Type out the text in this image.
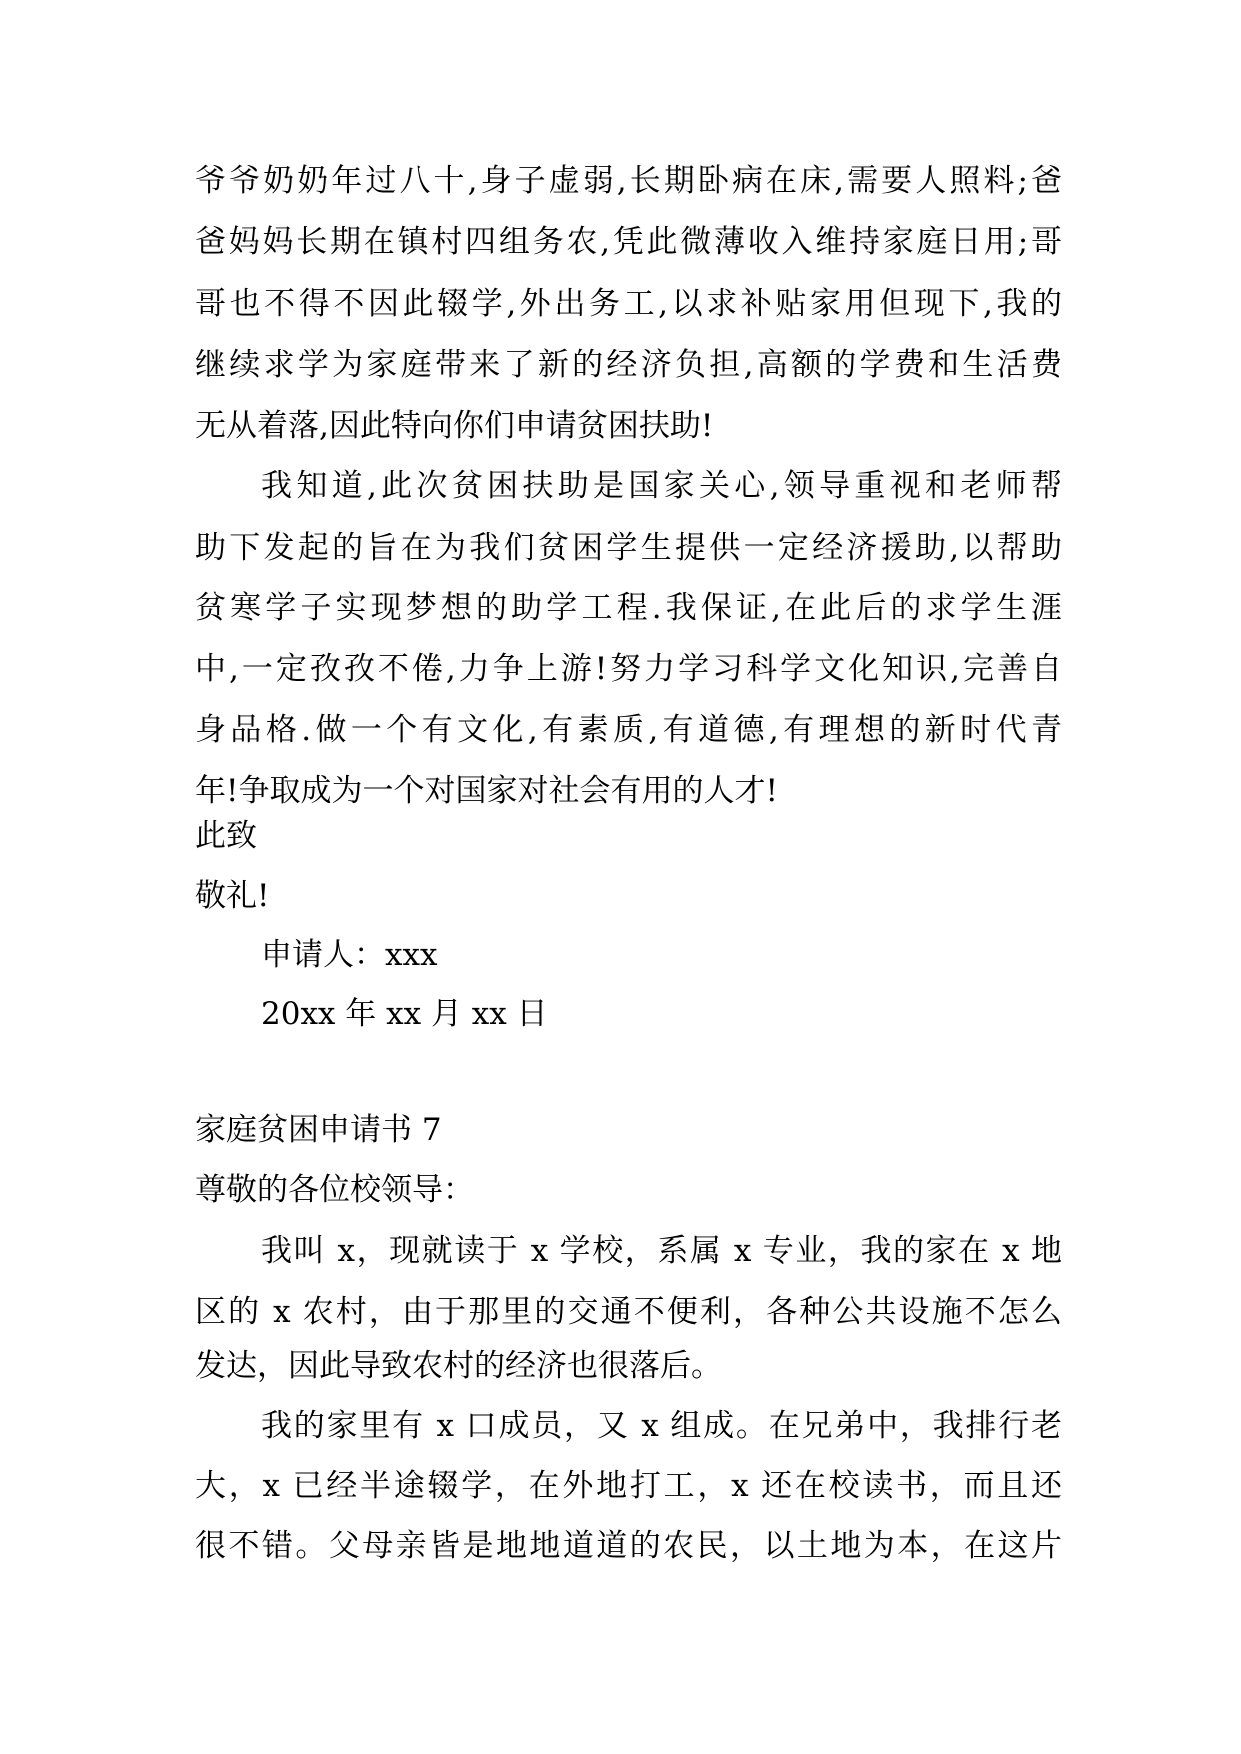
爷爷奶奶年过八十,身子虚弱,长期卧病在床,需要人照料;爸
爸妈妈长期在镇村四组务农,凭此微薄收入维持家庭日用;哥
哥也不得不因此辍学,外出务工,以求补贴家用但现下,我的
继续求学为家庭带来了新的经济负担,高额的学费和生活费
无从着落,因此特向你们申请贫困扶助!
我知道,此次贫困扶助是国家关心,领导重视和老师帮
助下发起的旨在为我们贫困学生提供一定经济援助,以帮助
贫寒学子实现梦想的助学工程.我保证,在此后的求学生涯
中,一定孜孜不倦,力争上游!努力学习科学文化知识,完善自
身品格.做一个有文化,有素质,有道德,有理想的新时代青
年!争取成为一个对国家对社会有用的人才!
此致
敬礼!
申请人：xxx
20xx 年 xx 月 xx 日
家庭贫困申请书 7
尊敬的各位校领导：
我叫 x，现就读于 x 学校，系属 x 专业，我的家在 x 地
区的 x 农村，由于那里的交通不便利，各种公共设施不怎么
发达，因此导致农村的经济也很落后。
我的家里有 x 口成员，又 x 组成。在兄弟中，我排行老
大，x 已经半途辍学，在外地打工，x 还在校读书，而且还
很不错。父母亲皆是地地道道的农民，以土地为本，在这片
